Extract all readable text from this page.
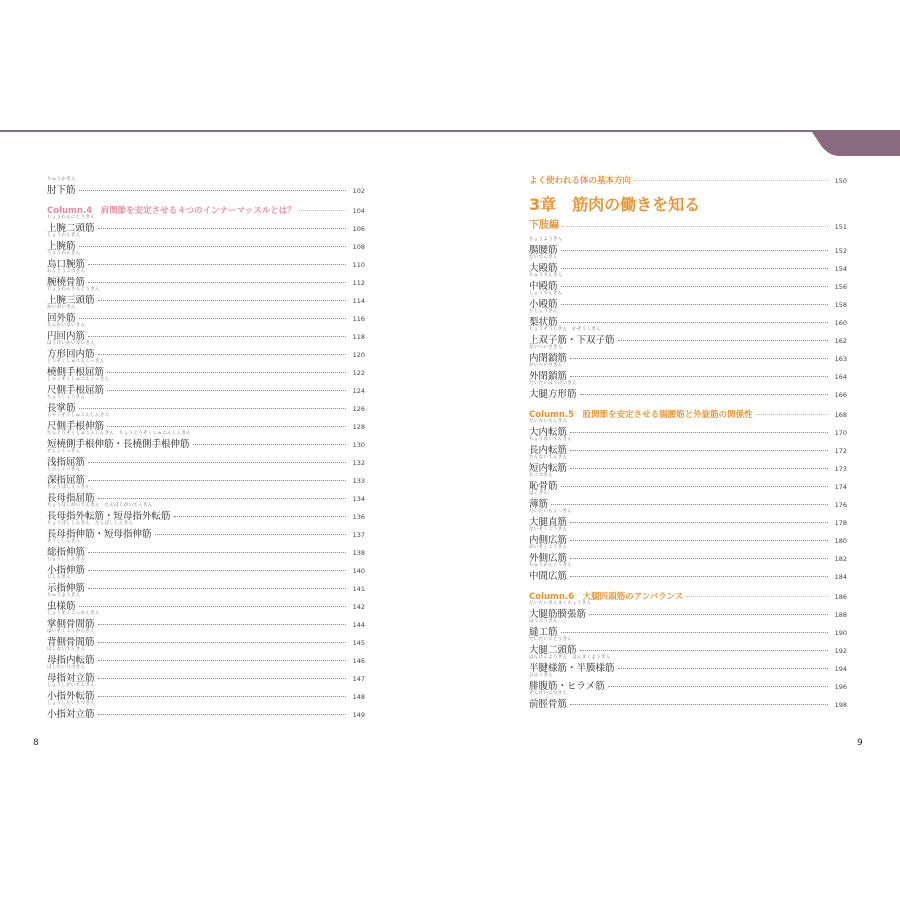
りゅうかきん
肘下筋	102
Column.4　肩関節を安定させる４つのインナーマッスルとは？	104
じょうわんにとうきん
上腕二頭筋	106
じょうわんきん
上腕筋	108
うこうわんきん
烏口腕筋	110
わんとうこつきん
腕橈骨筋	112
じょうわんさんとうきん
上腕三頭筋	114
かいがいきん
回外筋	116
えんかいないきん
円回内筋	118
ほうけいかいないきん
方形回内筋	120
とうそくしゅこんくっきん
橈側手根屈筋	122
しゃくそくしゅこんくっきん
尺側手根屈筋	124
ちょうしょうきん
長掌筋	126
しゃくそくしゅこんしんきん
尺側手根伸筋	128
たんとうそくしゅこんしんきん　ちょうとうそくしゅこんしんきん
短橈側手根伸筋・長橈側手根伸筋	130
せんしくっきん
浅指屈筋	132
しんしくっきん
深指屈筋	133
ちょうぼしくっきん
長母指屈筋	134
ちょうぼしがいてんきん　たんぼしがいてんきん
長母指外転筋・短母指外転筋	136
ちょうぼししんきん　たんぼししんきん
長母指伸筋・短母指伸筋	137
そうししんきん
総指伸筋	138
しょうししんきん
小指伸筋	140
じしんきん
示指伸筋	141
ちゅうようきん
虫様筋	142
しょうそくこっかんきん
掌側骨間筋	144
はいそくこっかんきん
背側骨間筋	145
ぼしないてんきん
母指内転筋	146
ぼしたいりつきん
母指対立筋	147
しょうしがいてんきん
小指外転筋	148
しょうしたいりつきん
小指対立筋	149
よく使われる体の基本方向	150
3章　筋肉の働きを知る
下肢編	151
ちょうようきん
腸腰筋	152
だいでんきん
大殿筋	154
ちゅうでんきん
中殿筋	156
しょうでんきん
小殿筋	158
りじょうきん
梨状筋	160
じょうそうしきん　かそうしきん
上双子筋・下双子筋	162
ないへいさきん
内閉鎖筋	163
がいへいさきん
外閉鎖筋	164
だいたいほうけいきん
大腿方形筋	166
Column.5　股関節を安定させる腸腰筋と外旋筋の関係性	168
だいないてんきん
大内転筋	170
ちょうないてんきん
長内転筋	172
たんないてんきん
短内転筋	173
ちこつきん
恥骨筋	174
はくきん
薄筋	176
だいたいちょっきん
大腿直筋	178
ないそくこうきん
内側広筋	180
がいそくこうきん
外側広筋	182
ちゅうかんこうきん
中間広筋	184
Column.6　大腿四頭筋のアンバランス	186
だいたいきんまくちょうきん
大腿筋膜張筋	188
ほうこうきん
縫工筋	190
だいたいにとうきん
大腿二頭筋	192
はんけんようきん　はんまくようきん
半腱様筋・半膜様筋	194
ひふくきん
腓腹筋・ヒラメ筋	196
ぜんけいこつきん
前脛骨筋	198
8	9
